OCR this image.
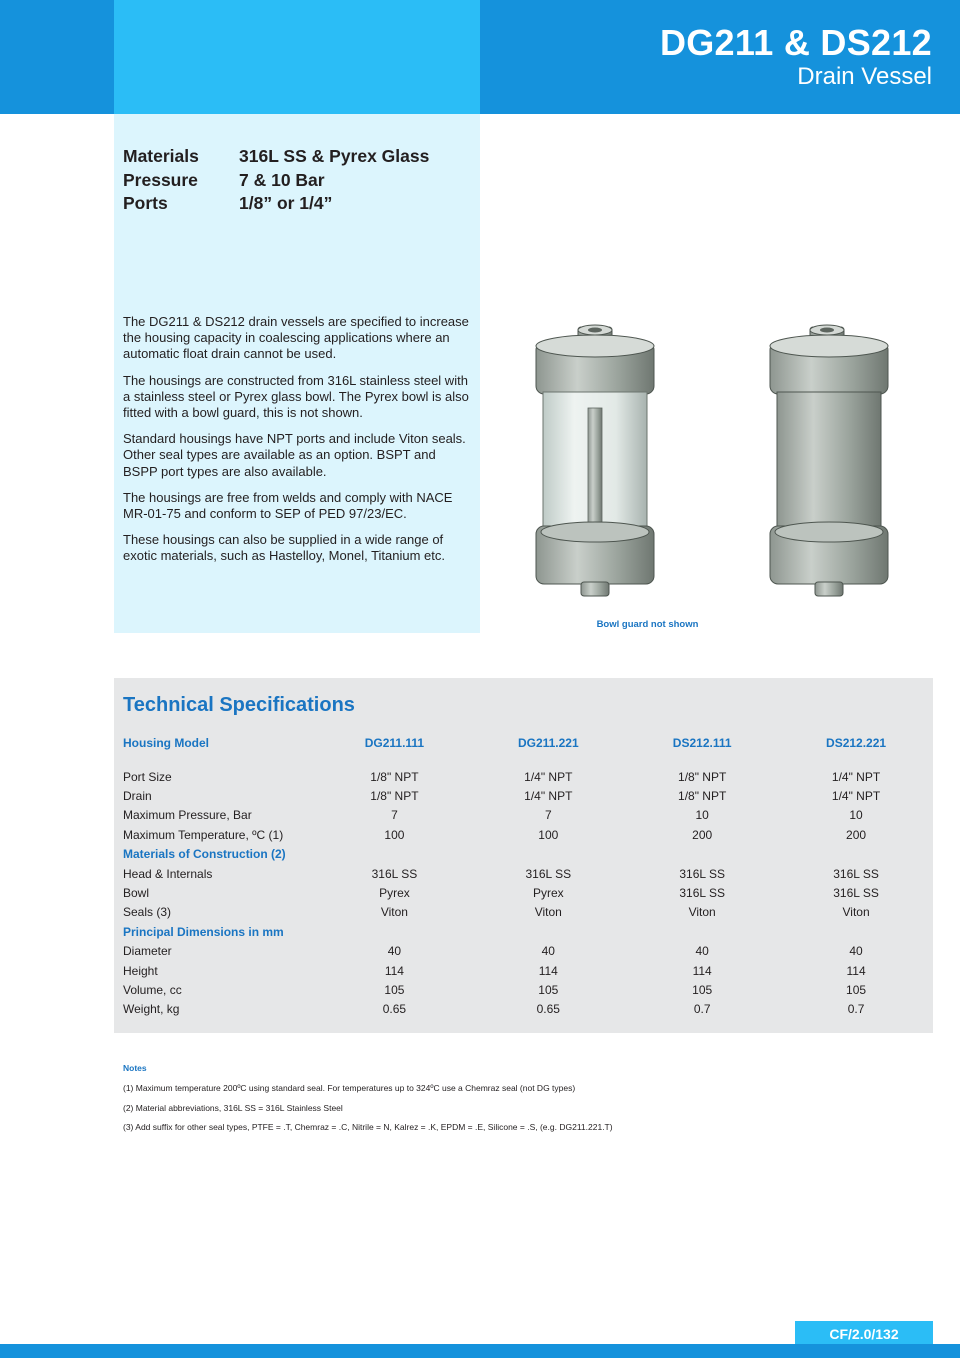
DG211 & DS212
Drain Vessel
Materials	316L SS & Pyrex Glass
Pressure	7 & 10 Bar
Ports	1/8” or 1/4”

The DG211 & DS212 drain vessels are specified to increase the housing capacity in coalescing applications where an automatic float drain cannot be used.

The housings are constructed from 316L stainless steel with a stainless steel or Pyrex glass bowl. The Pyrex bowl is also fitted with a bowl guard, this is not shown.

Standard housings have NPT ports and include Viton seals. Other seal types are available as an option. BSPT and BSPP port types are also available.

The housings are free from welds and comply with NACE MR-01-75 and conform to SEP of PED 97/23/EC.

These housings can also be supplied in a wide range of exotic materials, such as Hastelloy, Monel, Titanium etc.

Bowl guard not shown
Technical Specifications
Housing Model	DG211.111	DG211.221	DS212.111	DS212.221

Port Size	1/8" NPT	1/4" NPT	1/8" NPT	1/4" NPT
Drain	1/8" NPT	1/4" NPT	1/8" NPT	1/4" NPT
Maximum Pressure, Bar	7	7	10	10
Maximum Temperature, ºC (1)	100	100	200	200
Materials of Construction (2)				
Head & Internals	316L SS	316L SS	316L SS	316L SS
Bowl	Pyrex	Pyrex	316L SS	316L SS
Seals (3)	Viton	Viton	Viton	Viton
Principal Dimensions in mm				
Diameter	40	40	40	40
Height	114	114	114	114
Volume, cc	105	105	105	105
Weight, kg	0.65	0.65	0.7	0.7
Notes
(1) Maximum temperature 200ºC using standard seal. For temperatures up to 324ºC use a Chemraz seal (not DG types)
(2) Material abbreviations, 316L SS = 316L Stainless Steel
(3) Add suffix for other seal types, PTFE = .T, Chemraz = .C, Nitrile = N, Kalrez = .K, EPDM = .E, Silicone = .S, (e.g. DG211.221.T)
CF/2.0/132
